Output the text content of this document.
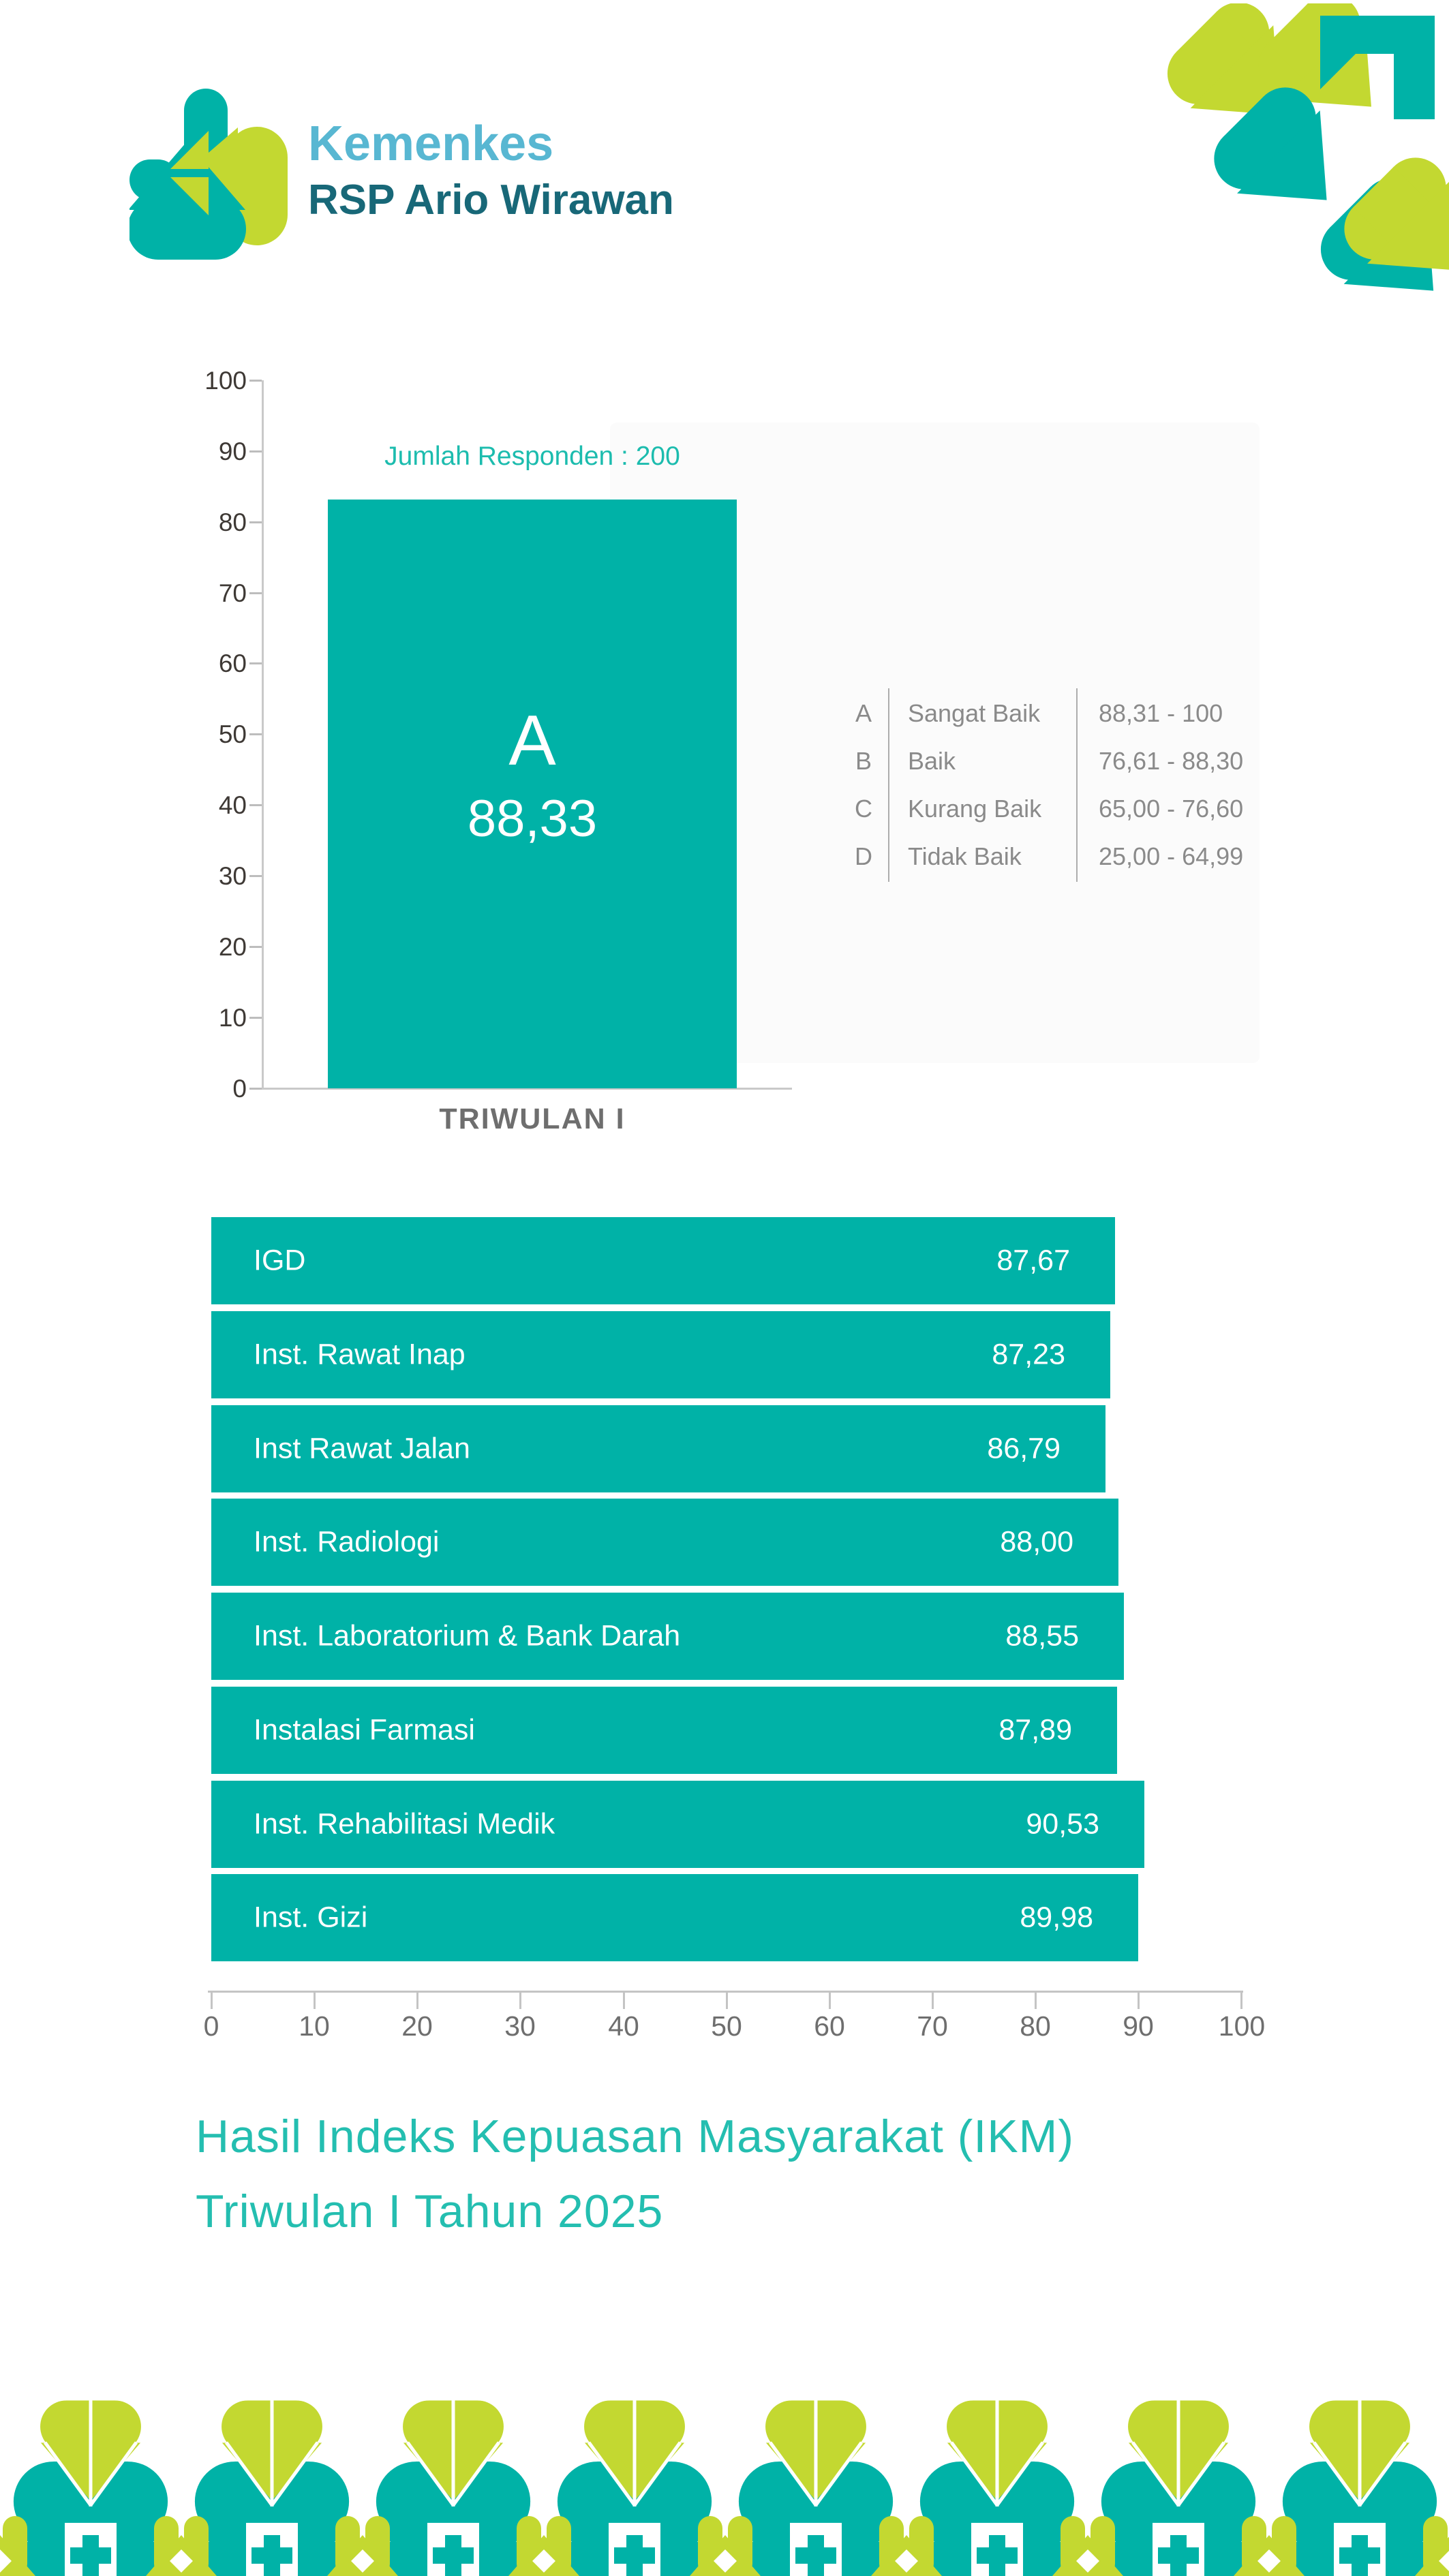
Kemenkes
RSP Ario Wirawan
100
90
80
70
60
50
40
30
20
10
0
Jumlah Responden : 200
A
88,33
TRIWULAN I
A	Sangat Baik	88,31 - 100
B	Baik	76,61 - 88,30
C	Kurang Baik	65,00 - 76,60
D	Tidak Baik	25,00 - 64,99
IGD	87,67
Inst. Rawat Inap	87,23
Inst Rawat Jalan	86,79
Inst. Radiologi	88,00
Inst. Laboratorium & Bank Darah	88,55
Instalasi Farmasi	87,89
Inst. Rehabilitasi Medik	90,53
Inst. Gizi	89,98
0	10	20	30	40	50	60	70	80	90	100
Hasil Indeks Kepuasan Masyarakat (IKM)
Triwulan I Tahun 2025
